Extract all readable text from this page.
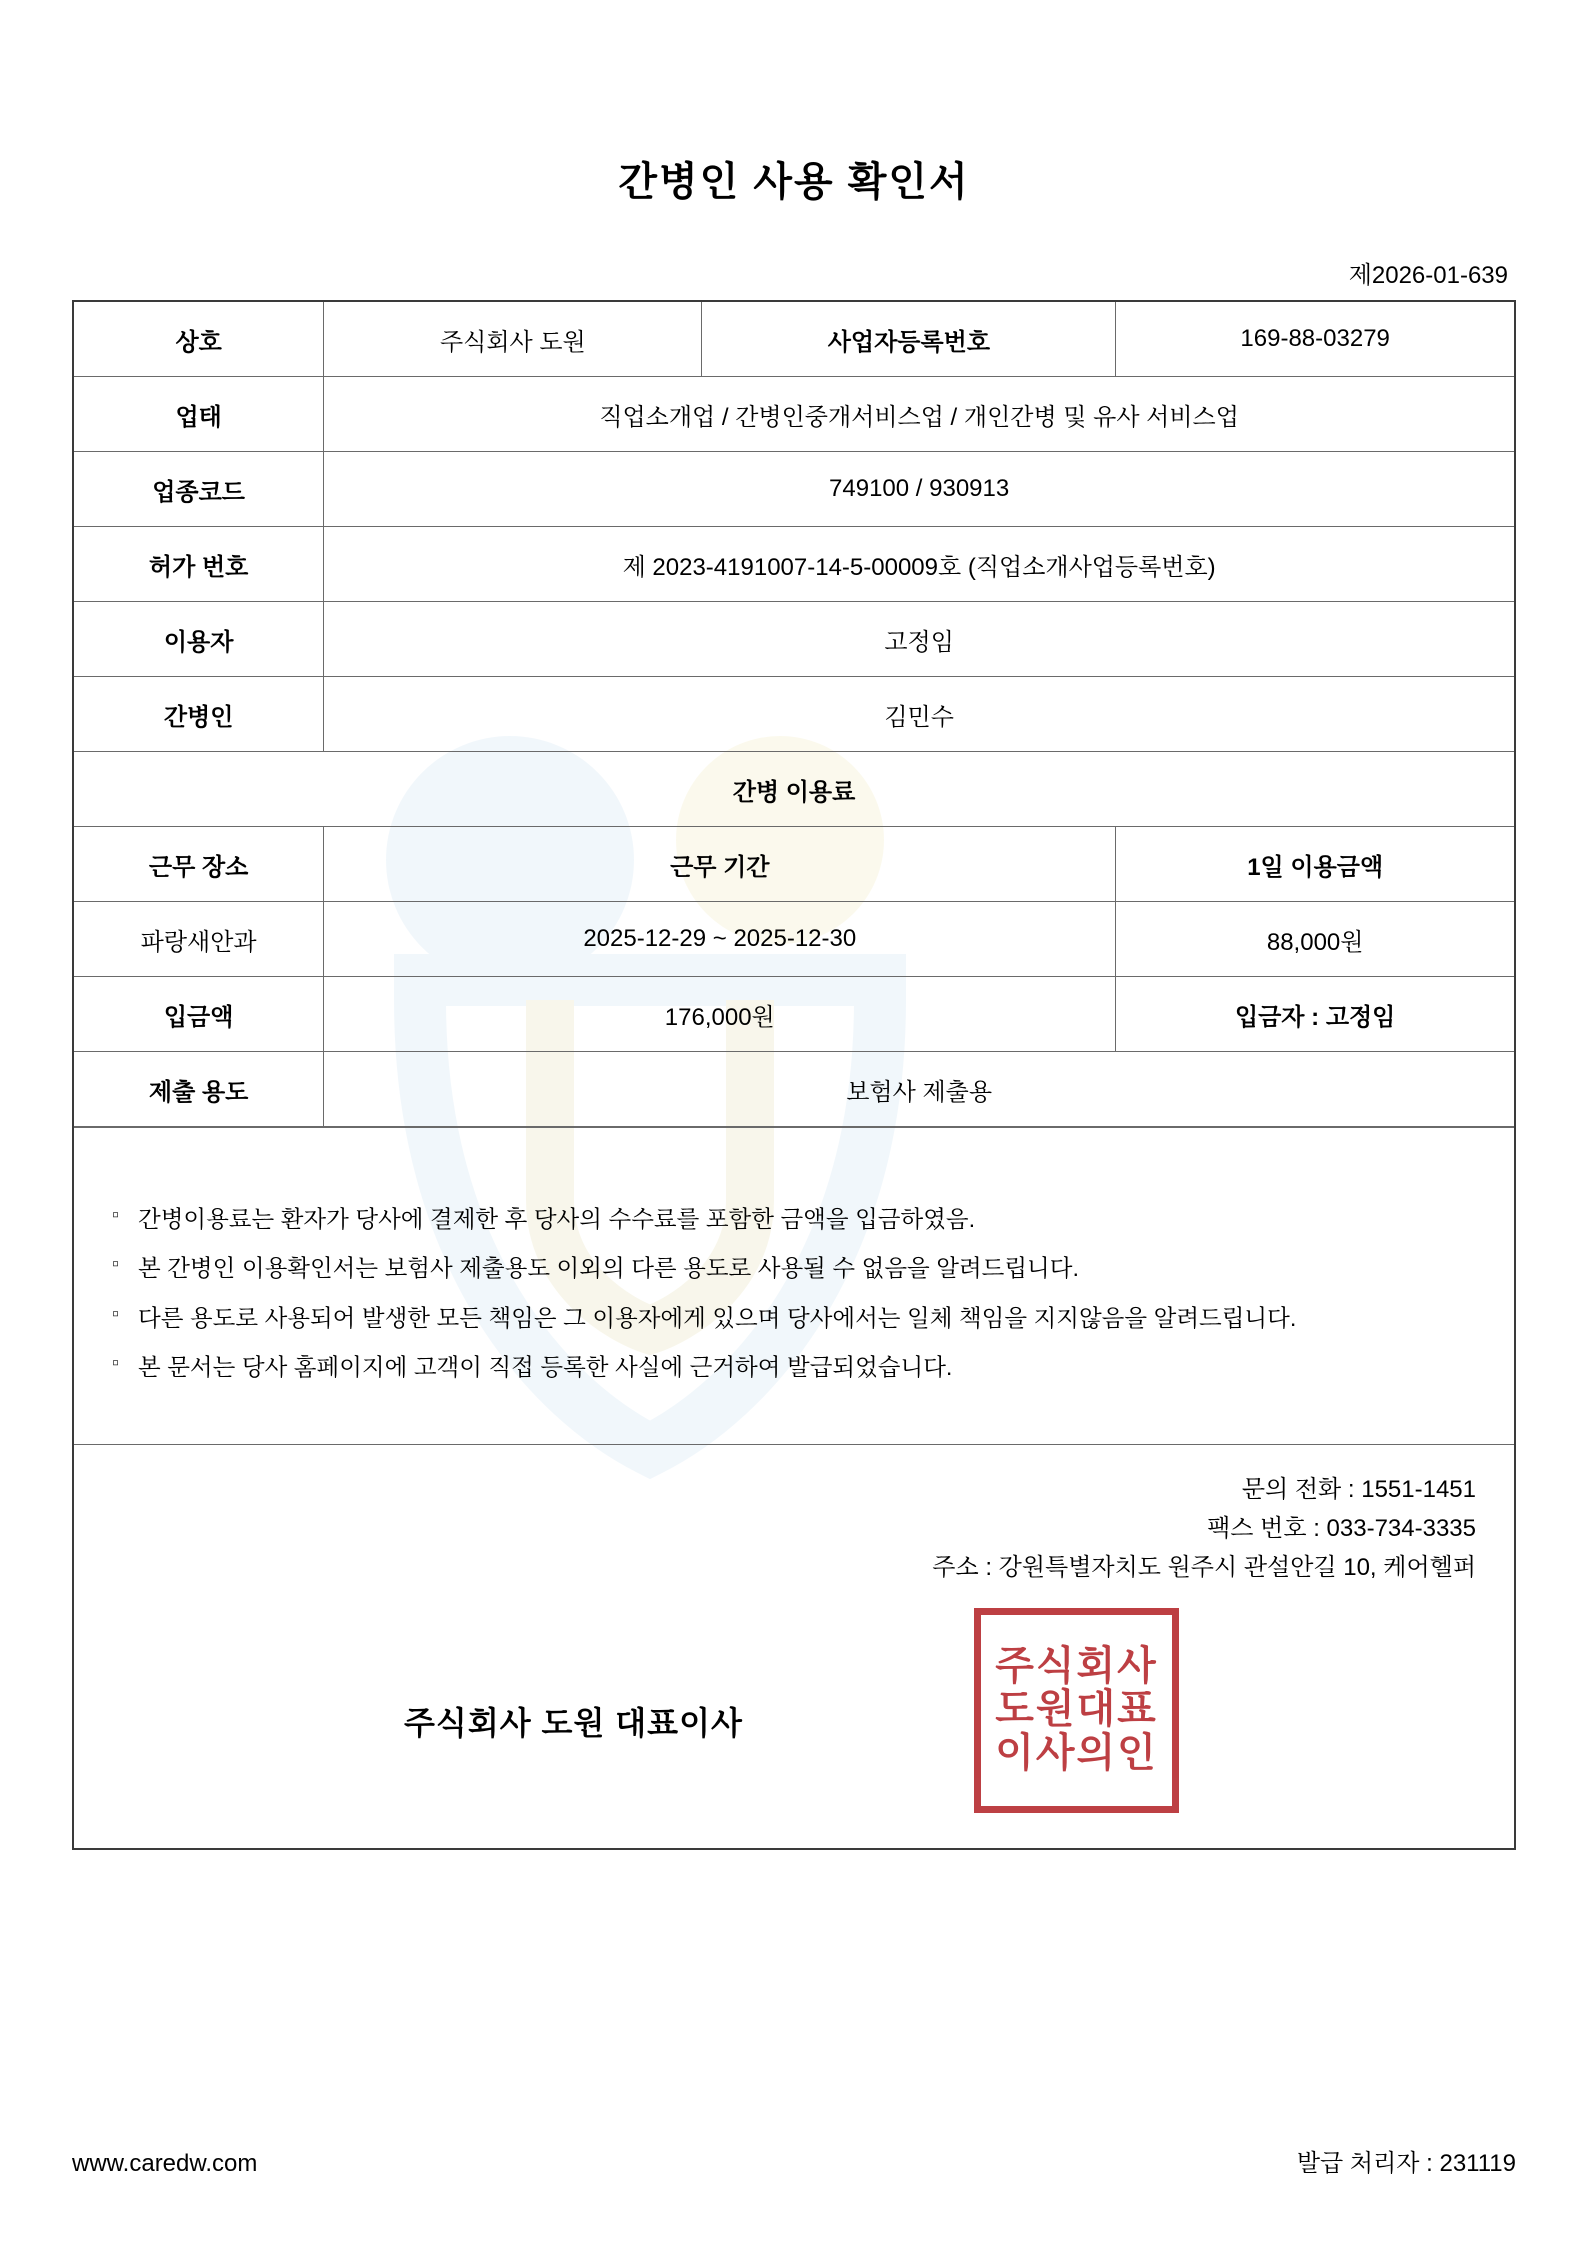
간병인 사용 확인서
제2026-01-639
상호	주식회사 도원	사업자등록번호	169-88-03279
업태	직업소개업 / 간병인중개서비스업 / 개인간병 및 유사 서비스업		
업종코드	749100 / 930913		
허가 번호	제 2023-4191007-14-5-00009호 (직업소개사업등록번호)		
이용자	고정임		
간병인	김민수		
간병 이용료			
근무 장소	근무 기간		1일 이용금액
파랑새안과	2025-12-29 ~ 2025-12-30		88,000원
입금액	176,000원		입금자 : 고정임
제출 용도	보험사 제출용		
▫ 간병이용료는 환자가 당사에 결제한 후 당사의 수수료를 포함한 금액을 입금하였음.
▫ 본 간병인 이용확인서는 보험사 제출용도 이외의 다른 용도로 사용될 수 없음을 알려드립니다.
▫ 다른 용도로 사용되어 발생한 모든 책임은 그 이용자에게 있으며 당사에서는 일체 책임을 지지않음을 알려드립니다.
▫ 본 문서는 당사 홈페이지에 고객이 직접 등록한 사실에 근거하여 발급되었습니다.
문의 전화 : 1551-1451
팩스 번호 : 033-734-3335
주소 : 강원특별자치도 원주시 관설안길 10, 케어헬퍼
주식회사 도원 대표이사
주식회사
도원대표
이사의인
www.caredw.com	발급 처리자 : 231119
